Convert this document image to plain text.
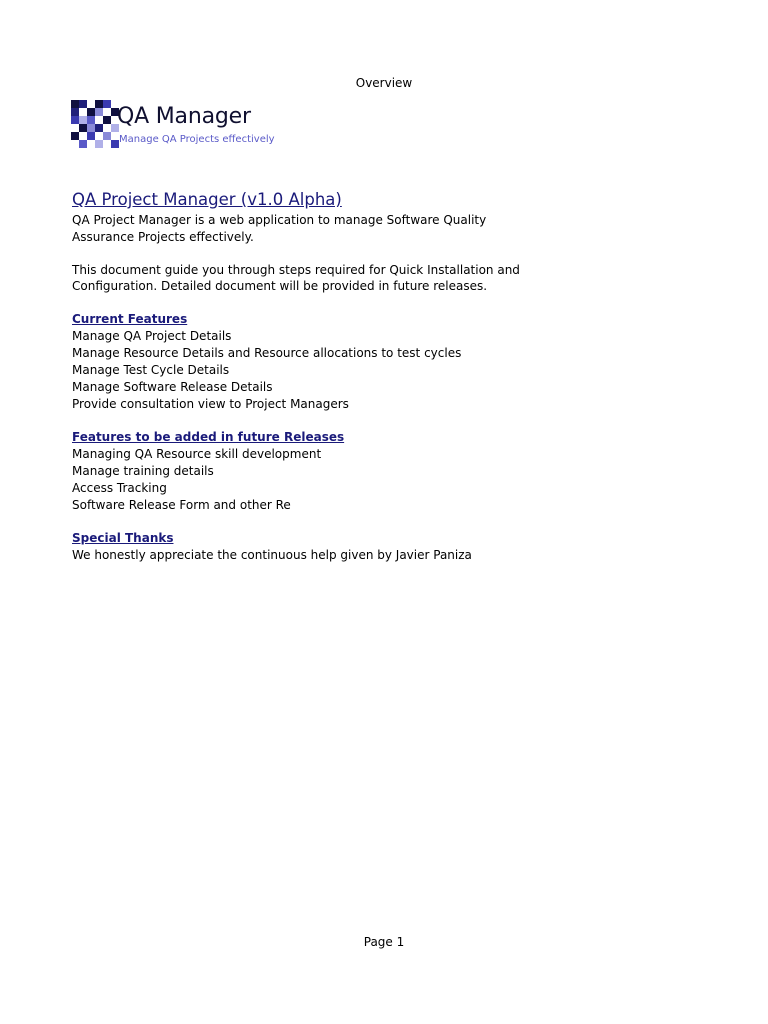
Overview
QA Manager
Manage QA Projects effectively
QA Project Manager (v1.0 Alpha)

QA Project Manager is a web application to manage Software Quality

Assurance Projects effectively.

This document guide you through steps required for Quick Installation and

Configuration. Detailed document will be provided in future releases.

Current Features
Manage QA Project Details
Manage Resource Details and Resource allocations to test cycles
Manage Test Cycle Details
Manage Software Release Details
Provide consultation view to Project Managers
Features to be added in future Releases
Managing QA Resource skill development
Manage training details
Access Tracking
Software Release Form and other Re
Special Thanks
We honestly appreciate the continuous help given by Javier Paniza
Page 1
